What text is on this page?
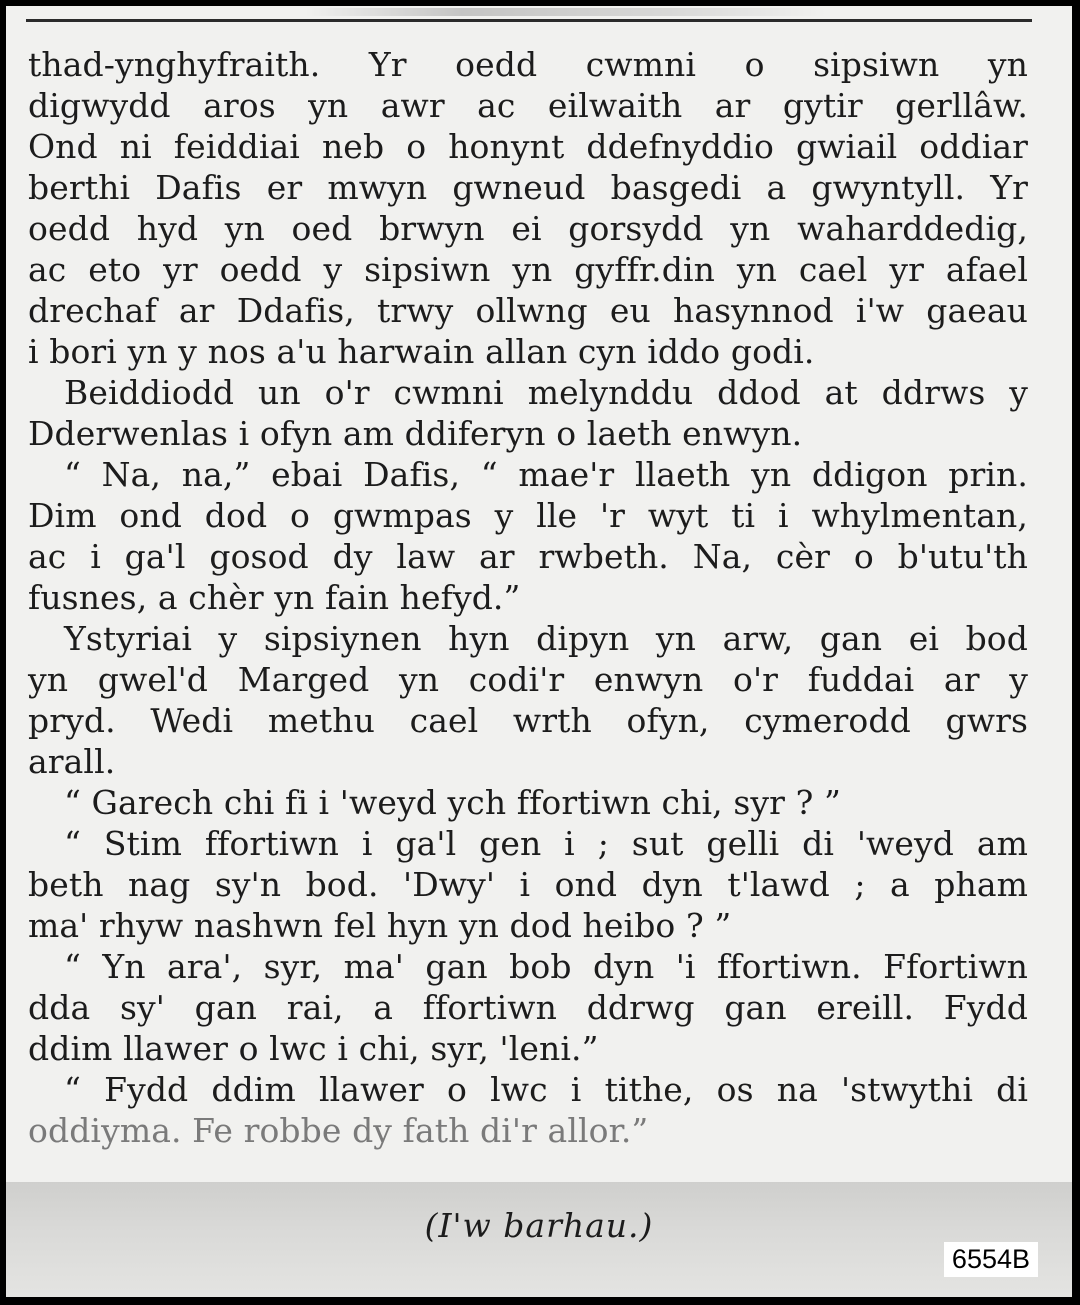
thad-ynghyfraith. Yr oedd cwmni o sipsiwn yn
digwydd aros yn awr ac eilwaith ar gytir gerllâw.
Ond ni feiddiai neb o honynt ddefnyddio gwiail oddiar
berthi Dafis er mwyn gwneud basgedi a gwyntyll. Yr
oedd hyd yn oed brwyn ei gorsydd yn waharddedig,
ac eto yr oedd y sipsiwn yn gyffr.din yn cael yr afael
drechaf ar Ddafis, trwy ollwng eu hasynnod i'w gaeau
i bori yn y nos a'u harwain allan cyn iddo godi.
Beiddiodd un o'r cwmni melynddu ddod at ddrws y
Dderwenlas i ofyn am ddiferyn o laeth enwyn.
“ Na, na,” ebai Dafis, “ mae'r llaeth yn ddigon prin.
Dim ond dod o gwmpas y lle 'r wyt ti i whylmentan,
ac i ga'l gosod dy law ar rwbeth. Na, cèr o b'utu'th
fusnes, a chèr yn fain hefyd.”
Ystyriai y sipsiynen hyn dipyn yn arw, gan ei bod
yn gwel'd Marged yn codi'r enwyn o'r fuddai ar y
pryd. Wedi methu cael wrth ofyn, cymerodd gwrs
arall.
“ Garech chi fi i 'weyd ych ffortiwn chi, syr ? ”
“ Stim ffortiwn i ga'l gen i ; sut gelli di 'weyd am
beth nag sy'n bod. 'Dwy' i ond dyn t'lawd ; a pham
ma' rhyw nashwn fel hyn yn dod heibo ? ”
“ Yn ara', syr, ma' gan bob dyn 'i ffortiwn. Ffortiwn
dda sy' gan rai, a ffortiwn ddrwg gan ereill. Fydd
ddim llawer o lwc i chi, syr, 'leni.”
“ Fydd ddim llawer o lwc i tithe, os na 'stwythi di
oddiyma. Fe robbe dy fath di'r allor.”
(I'w barhau.)
6554B
